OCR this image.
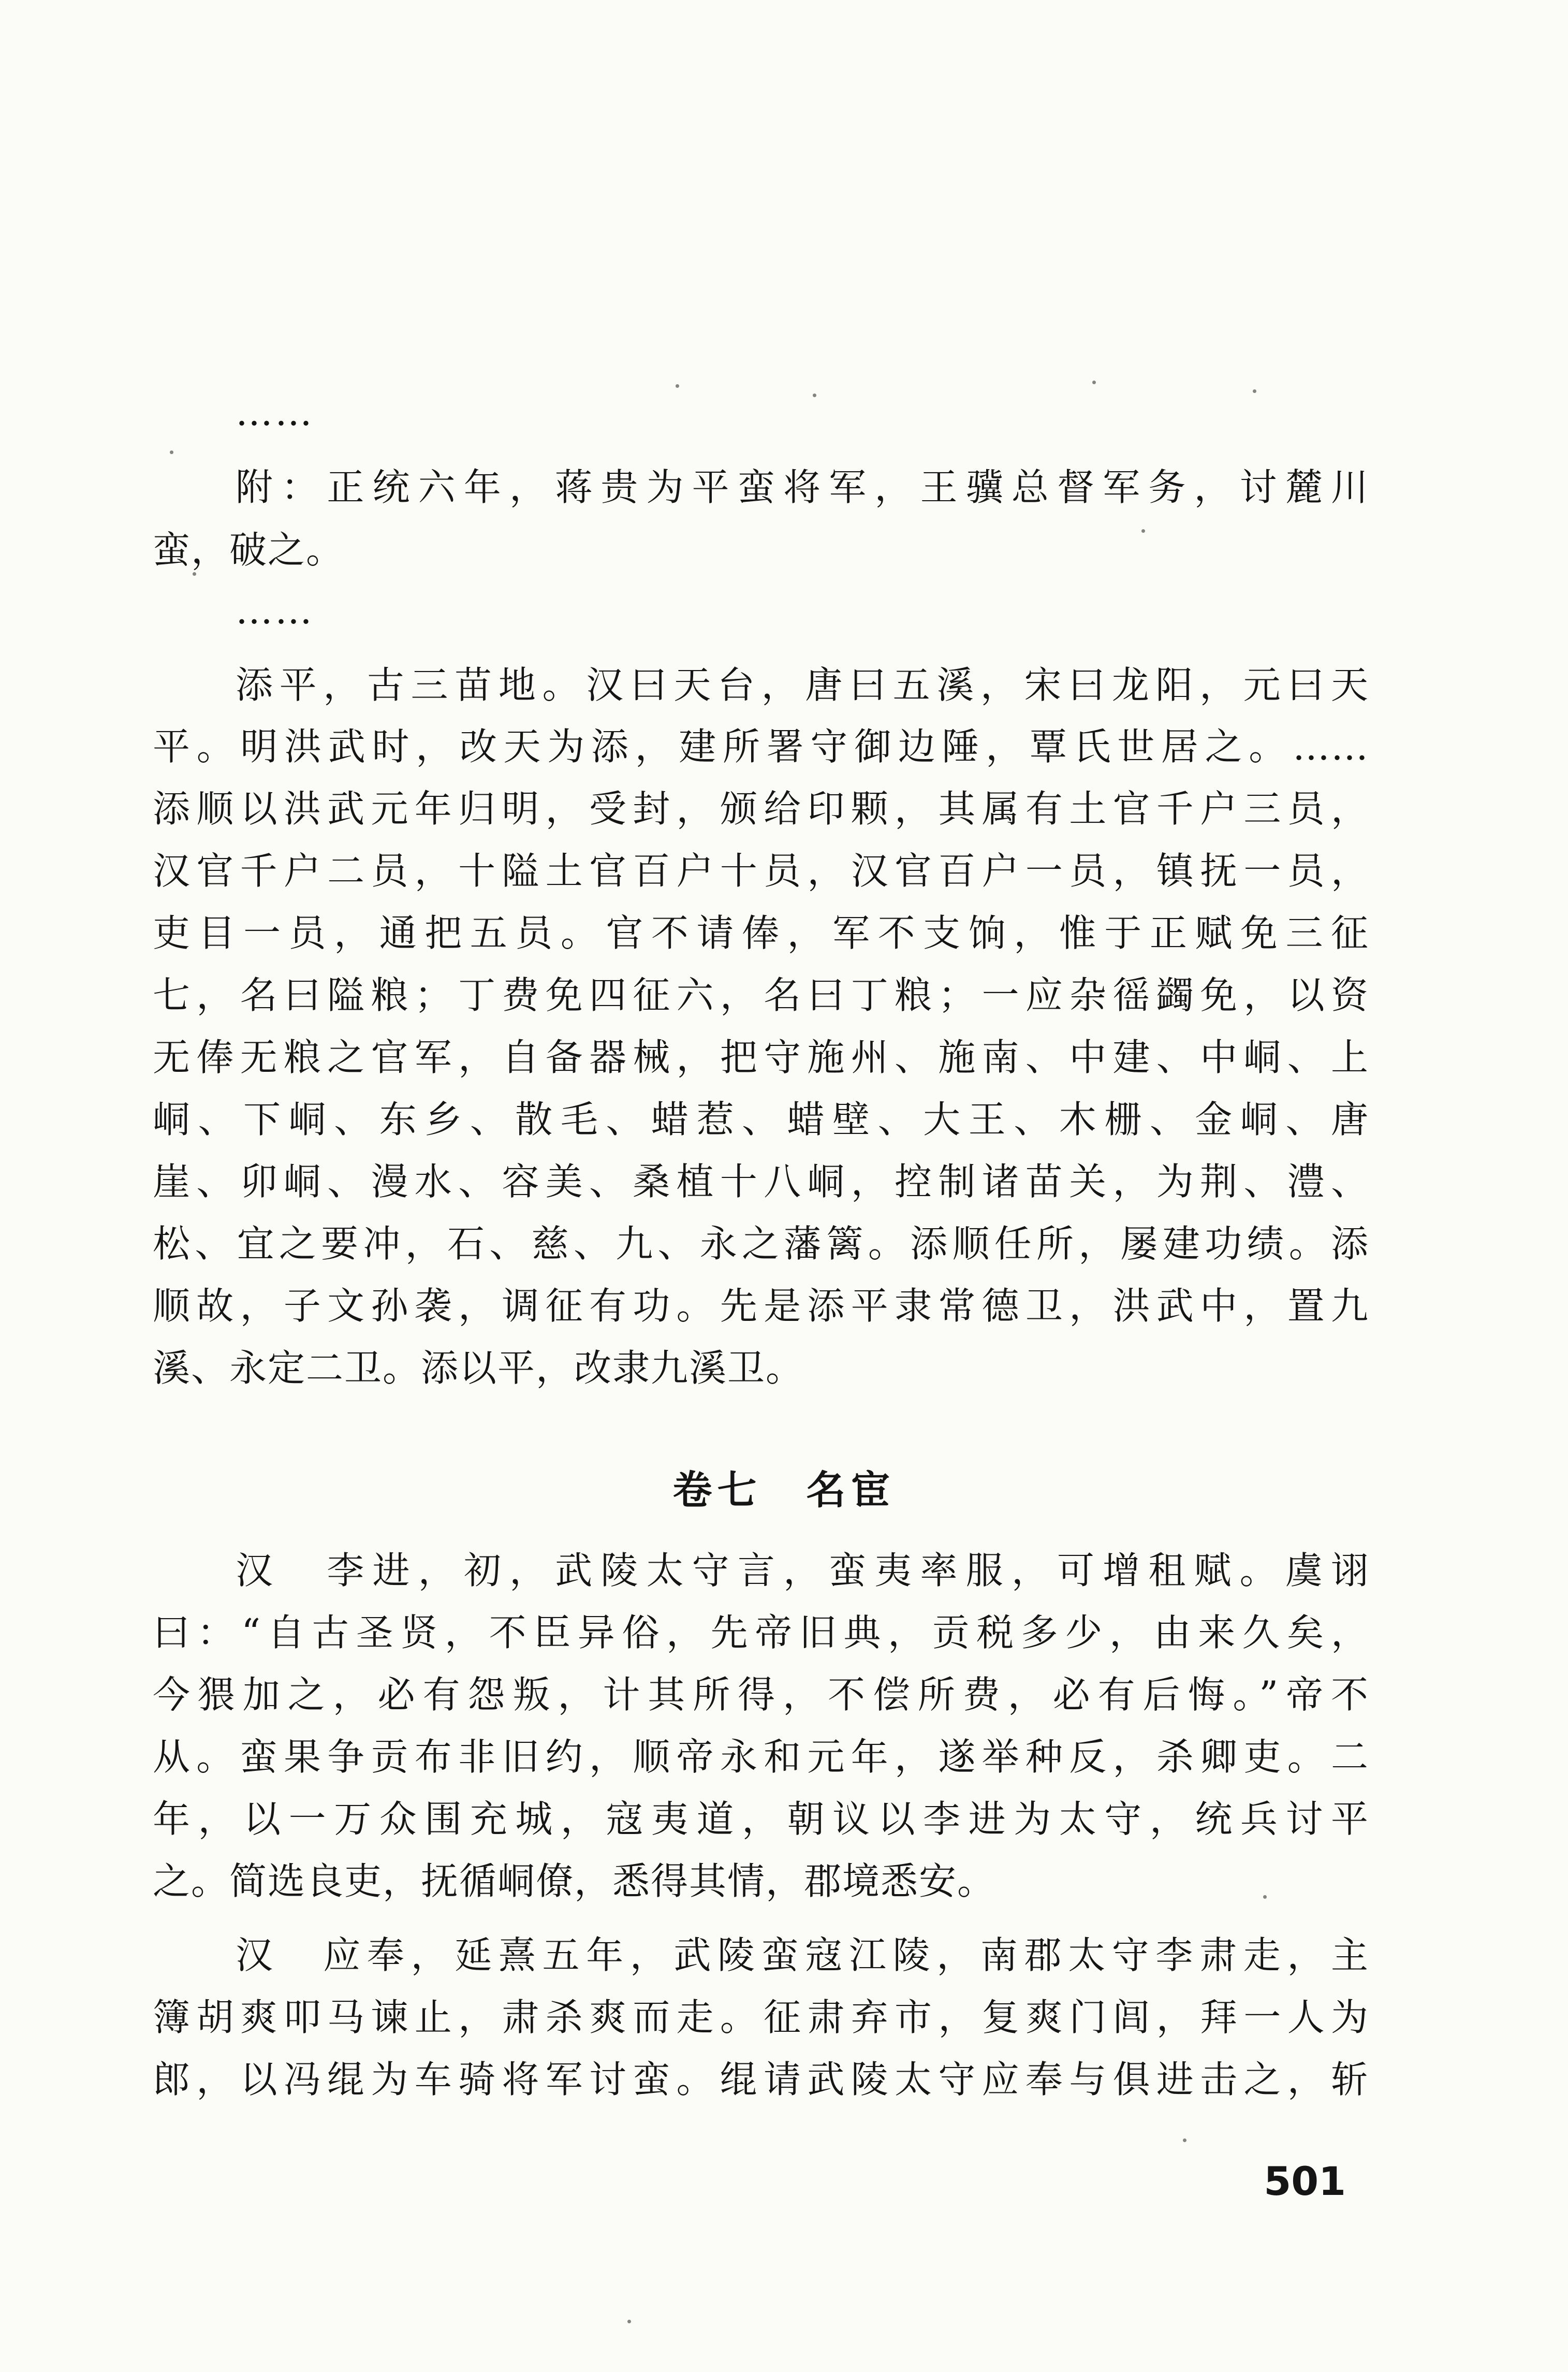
……
附：正统六年，蒋贵为平蛮将军，王骥总督军务，讨麓川
蛮，破之。
……
添平，古三苗地。汉曰天台，唐曰五溪，宋曰龙阳，元曰天
平。明洪武时，改天为添，建所署守御边陲，覃氏世居之。……
添顺以洪武元年归明，受封，颁给印颗，其属有土官千户三员，
汉官千户二员，十隘土官百户十员，汉官百户一员，镇抚一员，
吏目一员，通把五员。官不请俸，军不支饷，惟于正赋免三征
七，名曰隘粮；丁费免四征六，名曰丁粮；一应杂徭蠲免，以资
无俸无粮之官军，自备器械，把守施州、施南、中建、中峒、上
峒、下峒、东乡、散毛、蜡惹、蜡壁、大王、木栅、金峒、唐
崖、卯峒、漫水、容美、桑植十八峒，控制诸苗关，为荆、澧、
松、宜之要冲，石、慈、九、永之藩篱。添顺任所，屡建功绩。添
顺故，子文孙袭，调征有功。先是添平隶常德卫，洪武中，置九
溪、永定二卫。添以平，改隶九溪卫。
卷七　名宦
汉　李进，初，武陵太守言，蛮夷率服，可增租赋。虞诩
曰：“自古圣贤，不臣异俗，先帝旧典，贡税多少，由来久矣，
今猥加之，必有怨叛，计其所得，不偿所费，必有后悔。”帝不
从。蛮果争贡布非旧约，顺帝永和元年，遂举种反，杀卿吏。二
年，以一万众围充城，寇夷道，朝议以李进为太守，统兵讨平
之。简选良吏，抚循峒僚，悉得其情，郡境悉安。
汉　应奉，延熹五年，武陵蛮寇江陵，南郡太守李肃走，主
簿胡爽叩马谏止，肃杀爽而走。征肃弃市，复爽门闾，拜一人为
郎，以冯绲为车骑将军讨蛮。绲请武陵太守应奉与俱进击之，斩
501
